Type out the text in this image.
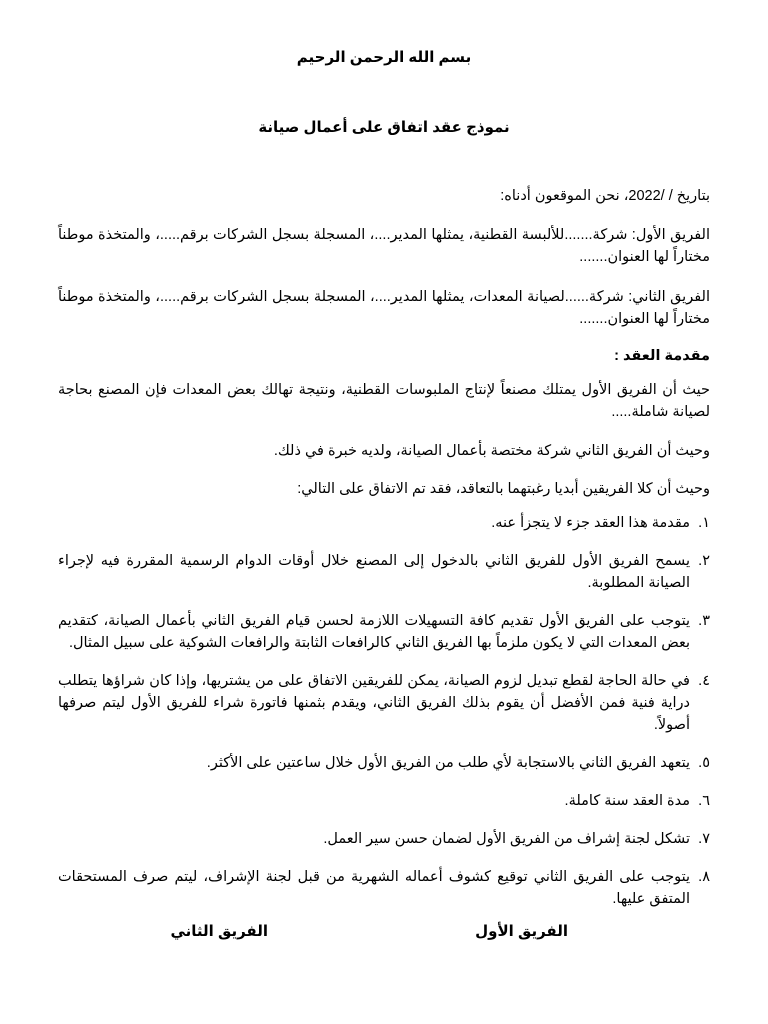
بسم الله الرحمن الرحيم
نموذج عقد اتفاق على أعمال صيانة
بتاريخ / /2022، نحن الموقعون أدناه:
الفريق الأول: شركة.......للألبسة القطنية، يمثلها المدير....، المسجلة بسجل الشركات برقم.....، والمتخذة موطناً مختاراً لها العنوان.......
الفريق الثاني: شركة......لصيانة المعدات، يمثلها المدير....، المسجلة بسجل الشركات برقم.....، والمتخذة موطناً مختاراً لها العنوان.......
مقدمة العقد :
حيث أن الفريق الأول يمتلك مصنعاً لإنتاج الملبوسات القطنية، ونتيجة تهالك بعض المعدات فإن المصنع بحاجة لصيانة شاملة.....
وحيث أن الفريق الثاني شركة مختصة بأعمال الصيانة، ولديه خبرة في ذلك.
وحيث أن كلا الفريقين أبديا رغبتهما بالتعاقد، فقد تم الاتفاق على التالي:
١.
مقدمة هذا العقد جزء لا يتجزأ عنه.
٢.
يسمح الفريق الأول للفريق الثاني بالدخول إلى المصنع خلال أوقات الدوام الرسمية المقررة فيه لإجراء الصيانة المطلوبة.
٣.
يتوجب على الفريق الأول تقديم كافة التسهيلات اللازمة لحسن قيام الفريق الثاني بأعمال الصيانة، كتقديم بعض المعدات التي لا يكون ملزماً بها الفريق الثاني كالرافعات الثابتة والرافعات الشوكية على سبيل المثال.
٤.
في حالة الحاجة لقطع تبديل لزوم الصيانة، يمكن للفريقين الاتفاق على من يشتريها، وإذا كان شراؤها يتطلب دراية فنية فمن الأفضل أن يقوم بذلك الفريق الثاني، ويقدم بثمنها فاتورة شراء للفريق الأول ليتم صرفها أصولاً.
٥.
يتعهد الفريق الثاني بالاستجابة لأي طلب من الفريق الأول خلال ساعتين على الأكثر.
٦.
مدة العقد سنة كاملة.
٧.
تشكل لجنة إشراف من الفريق الأول لضمان حسن سير العمل.
٨.
يتوجب على الفريق الثاني توقيع كشوف أعماله الشهرية من قبل لجنة الإشراف، ليتم صرف المستحقات المتفق عليها.
الفريق الأول
الفريق الثاني
